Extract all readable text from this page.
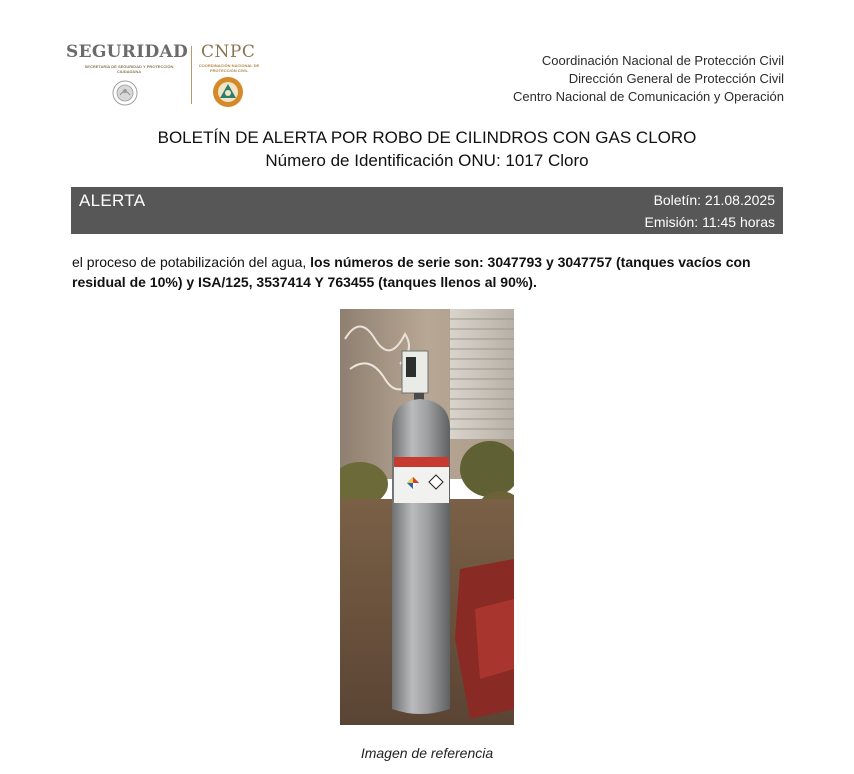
SEGURIDAD
SECRETARÍA DE SEGURIDAD Y PROTECCIÓN CIUDADANA
CNPC
COORDINACIÓN NACIONAL DE PROTECCIÓN CIVIL
Coordinación Nacional de Protección Civil
Dirección General de Protección Civil
Centro Nacional de Comunicación y Operación
BOLETÍN DE ALERTA POR ROBO DE CILINDROS CON GAS CLORO
Número de Identificación ONU: 1017 Cloro
ALERTA	Boletín: 21.08.2025
Emisión: 11:45 horas
el proceso de potabilización del agua, los números de serie son: 3047793 y 3047757 (tanques vacíos con residual de 10%) y ISA/125, 3537414 Y 763455 (tanques llenos al 90%).
Imagen de referencia
